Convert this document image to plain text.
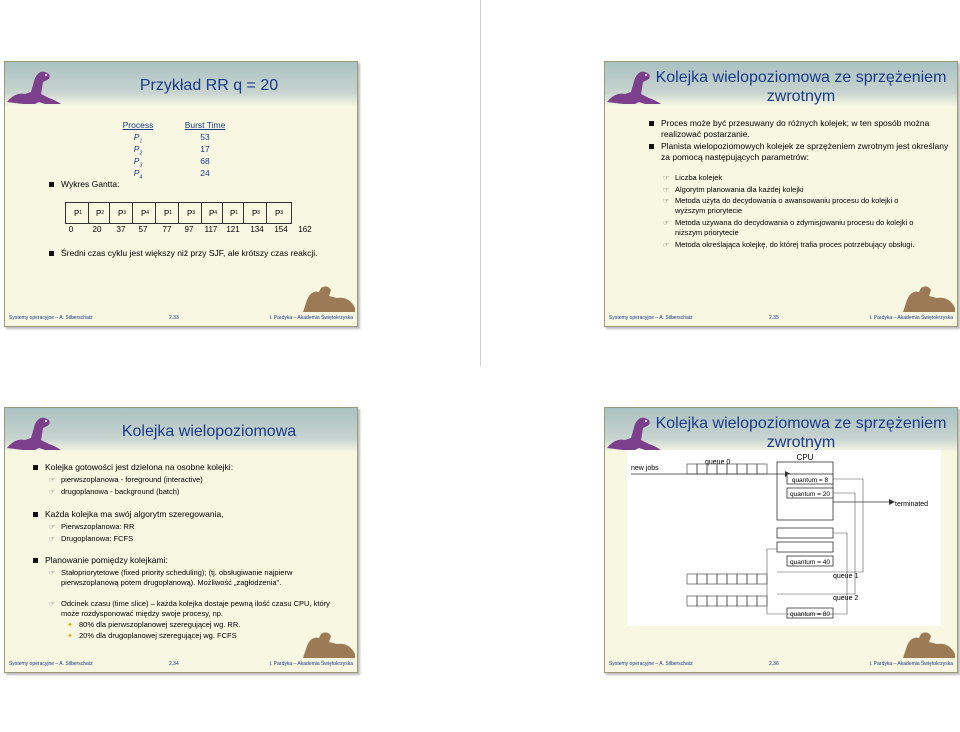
Przykład RR q = 20
Process	Burst Time
$P_1$	53
$P_2$	17
$P_3$	68
$P_4$	24
Wykres Gantta:
P 1 P 2 P 3 P 4 P 1 P 3 P 4 P 1 P 3 P 3
0	20	37	57	77	97	117	121	134	154	162
Średni czas cyklu jest większy niż przy SJF, ale krótszy czas reakcji.
Systemy operacyjne – A. Silberschatz	2.33	I. Pardyka – Akademia Świętokrzyska
Kolejka wielopoziomowa ze sprzężeniem zwrotnym
Proces może być przesuwany do różnych kolejek; w ten sposób można realizować postarzanie.
Planista wielopoziomowych kolejek ze sprzężeniem zwrotnym jest określany za pomocą następujących parametrów:
☞ Liczba kolejek
☞ Algorytm planowania dla każdej kolejki
☞ Metoda użyta do decydowania o awansowaniu procesu do kolejki o wyższym priorytecie
☞ Metoda używana do decydowania o zdymisjowaniu procesu do kolejki o niższym priorytecie
☞ Metoda określająca kolejkę, do której trafia proces potrzebujący obsługi.
Systemy operacyjne – A. Silberschatz	2.35	I. Pardyka – Akademia Świętokrzyska
Kolejka wielopoziomowa
Kolejka gotowości jest dzielona na osobne kolejki:
☞ pierwszoplanowa - foreground (interactive)
☞ drugoplanowa - background (batch)
Każda kolejka ma swój algorytm szeregowania,
☞ Pierwszoplanowa: RR
☞ Drugoplanowa: FCFS
Planowanie pomiędzy kolejkami:
☞ Stałopriorytetowe (fixed priority scheduling); (tj. obsługiwanie najpierw pierwszoplanową potem drugoplanową). Możliwość „zagłodzenia".
☞ Odcinek czasu (time slice) – każda kolejka dostaje pewną ilość czasu CPU, który może rozdysponować między swoje procesy, np.
✦ 80% dla pierwszoplanowej szeregującej wg. RR.
✦ 20% dla drugoplanowej szeregującej wg. FCFS
Systemy operacyjne – A. Silberschatz	2.34	I. Pardyka – Akademia Świętokrzyska
Kolejka wielopoziomowa ze sprzężeniem zwrotnym
CPU
new jobs
terminated
queue 0
queue 1
queue 2
quantum = 8
quantum = 20
quantum = 40
quantum = 80
Systemy operacyjne – A. Silberschatz	2.36	I. Pardyka – Akademia Świętokrzyska
